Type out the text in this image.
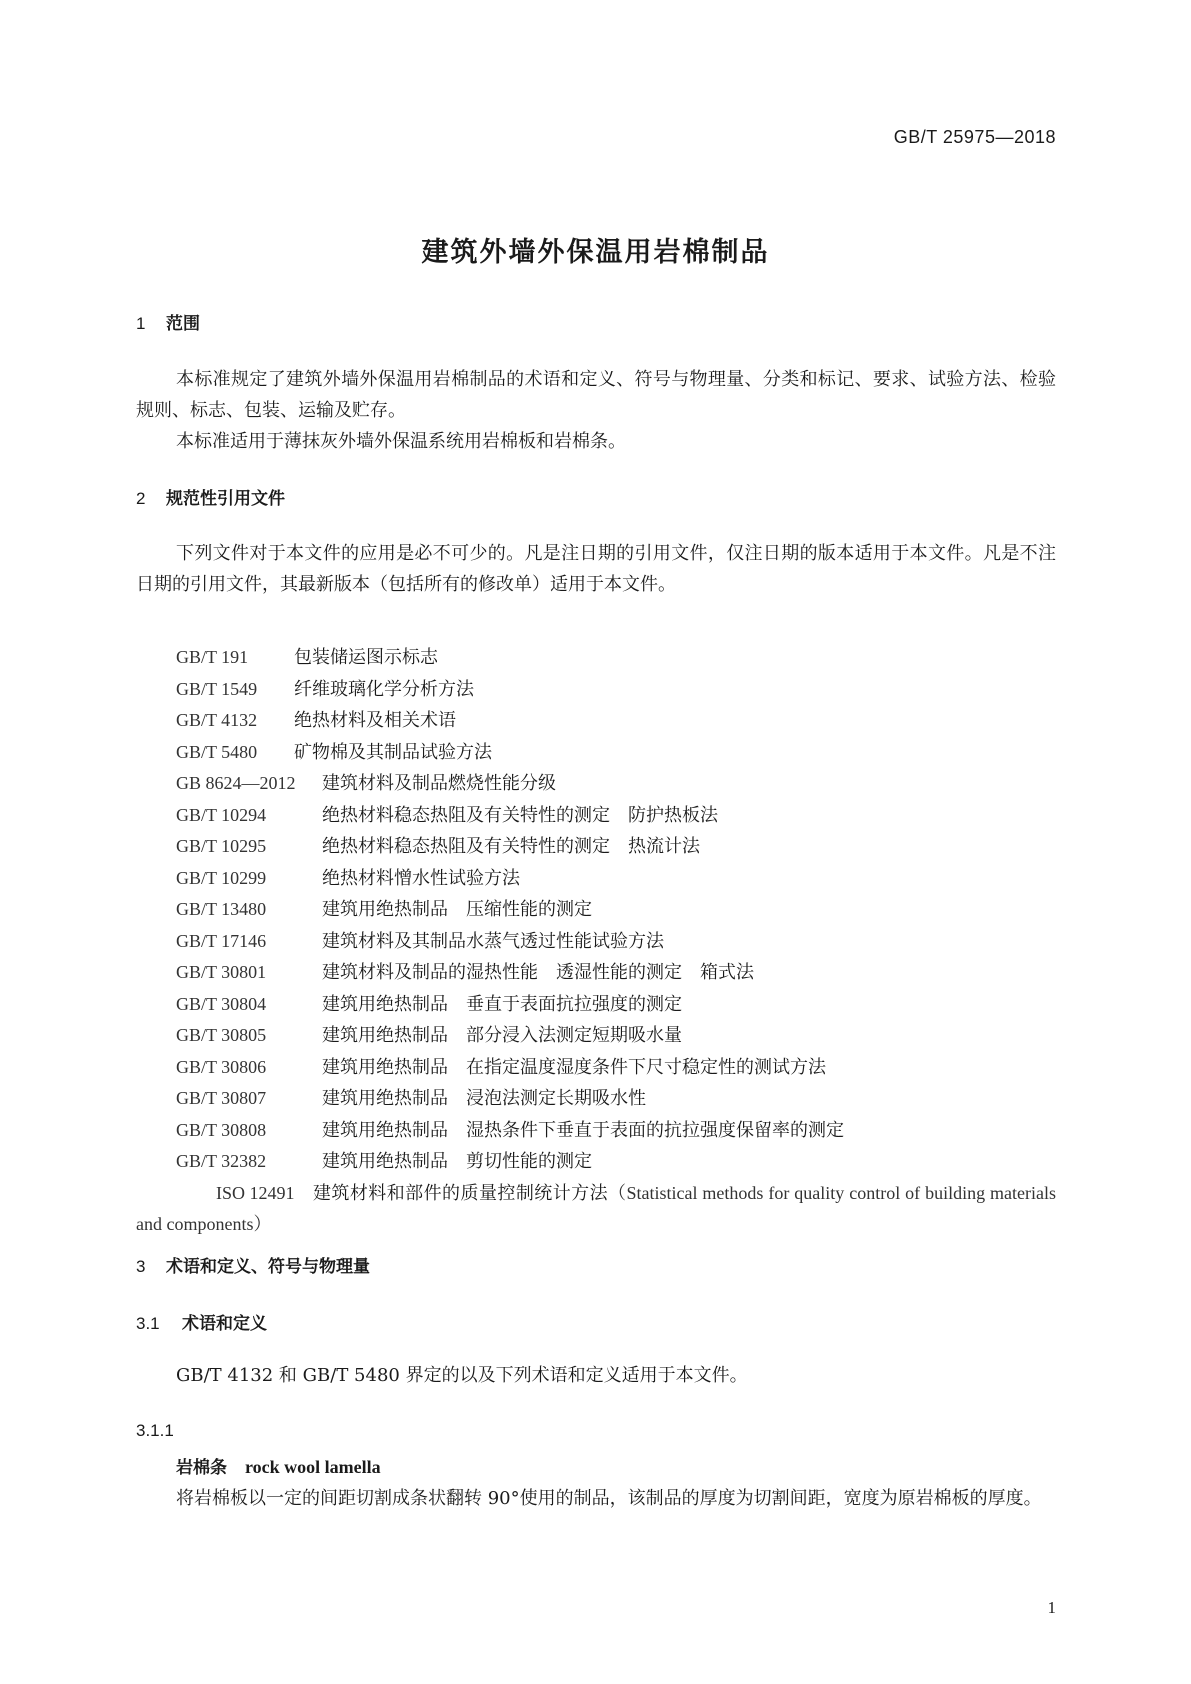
GB/T 25975—2018
建筑外墙外保温用岩棉制品
1 范围
本标准规定了建筑外墙外保温用岩棉制品的术语和定义、符号与物理量、分类和标记、要求、试验方法、检验规则、标志、包装、运输及贮存。
本标准适用于薄抹灰外墙外保温系统用岩棉板和岩棉条。
2 规范性引用文件
下列文件对于本文件的应用是必不可少的。凡是注日期的引用文件，仅注日期的版本适用于本文件。凡是不注日期的引用文件，其最新版本（包括所有的修改单）适用于本文件。
GB/T 191	包装储运图示标志
GB/T 1549 纤维玻璃化学分析方法
GB/T 4132 绝热材料及相关术语
GB/T 5480 矿物棉及其制品试验方法
GB 8624—2012 建筑材料及制品燃烧性能分级
GB/T 10294	绝热材料稳态热阻及有关特性的测定　防护热板法
GB/T 10295	绝热材料稳态热阻及有关特性的测定　热流计法
GB/T 10299	绝热材料憎水性试验方法
GB/T 13480	建筑用绝热制品　压缩性能的测定
GB/T 17146	建筑材料及其制品水蒸气透过性能试验方法
GB/T 30801	建筑材料及制品的湿热性能　透湿性能的测定　箱式法
GB/T 30804	建筑用绝热制品　垂直于表面抗拉强度的测定
GB/T 30805	建筑用绝热制品　部分浸入法测定短期吸水量
GB/T 30806	建筑用绝热制品　在指定温度湿度条件下尺寸稳定性的测试方法
GB/T 30807	建筑用绝热制品　浸泡法测定长期吸水性
GB/T 30808	建筑用绝热制品　湿热条件下垂直于表面的抗拉强度保留率的测定
GB/T 32382	建筑用绝热制品　剪切性能的测定
ISO 12491 建筑材料和部件的质量控制统计方法（Statistical methods for quality control of building materials and components）
3 术语和定义、符号与物理量
3.1 术语和定义
GB/T 4132 和 GB/T 5480 界定的以及下列术语和定义适用于本文件。
3.1.1
岩棉条 rock wool lamella
将岩棉板以一定的间距切割成条状翻转 90°使用的制品，该制品的厚度为切割间距，宽度为原岩棉板的厚度。
1
